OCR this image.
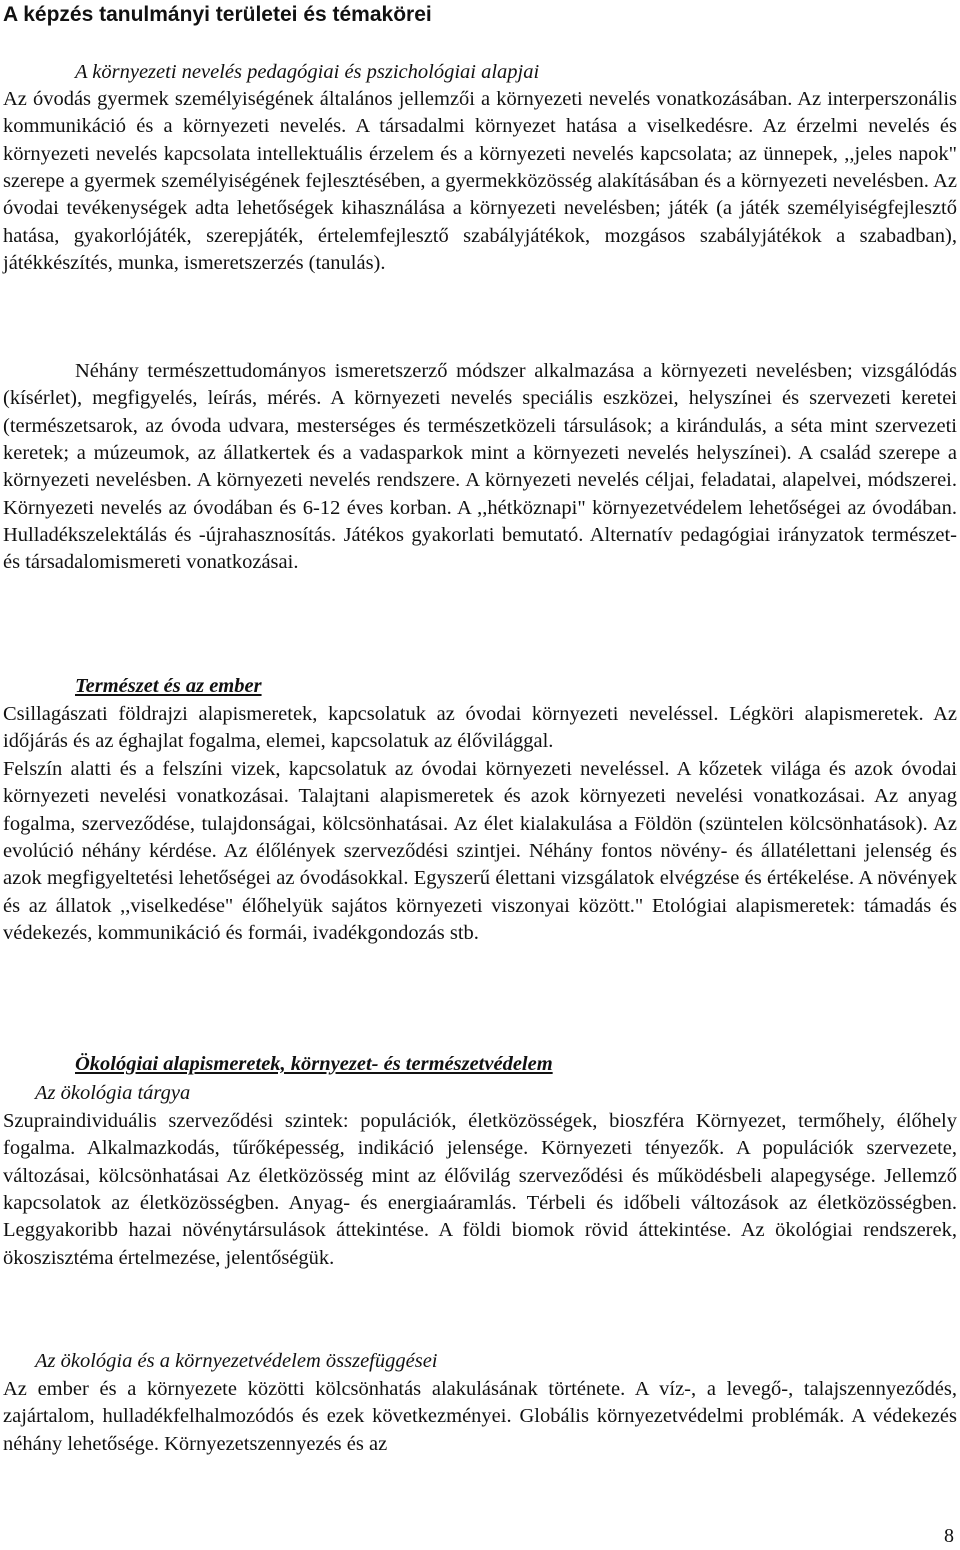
A képzés tanulmányi területei és témakörei
A környezeti nevelés pedagógiai és pszichológiai alapjai

Az óvodás gyermek személyiségének általános jellemzői a környezeti nevelés vonatkozásában. Az interperszonális kommunikáció és a környezeti nevelés. A társadalmi környezet hatása a viselkedésre. Az érzelmi nevelés és környezeti nevelés kapcsolata intellektuális érzelem és a környezeti nevelés kapcsolata; az ünnepek, ,,jeles napok" szerepe a gyermek személyiségének fejlesztésében, a gyermekközösség alakításában és a környezeti nevelésben. Az óvodai tevékenységek adta lehetőségek kihasználása a környezeti nevelésben; játék (a játék személyiségfejlesztő hatása, gyakorlójáték, szerepjáték, értelemfejlesztő szabályjátékok, mozgásos szabályjátékok a szabadban), játékkészítés, munka, ismeretszerzés (tanulás).

Néhány természettudományos ismeretszerző módszer alkalmazása a környezeti nevelésben; vizsgálódás (kísérlet), megfigyelés, leírás, mérés. A környezeti nevelés speciális eszközei, helyszínei és szervezeti keretei (természetsarok, az óvoda udvara, mesterséges és természetközeli társulások; a kirándulás, a séta mint szervezeti keretek; a múzeumok, az állatkertek és a vadasparkok mint a környezeti nevelés helyszínei). A család szerepe a környezeti nevelésben. A környezeti nevelés rendszere. A környezeti nevelés céljai, feladatai, alapelvei, módszerei. Környezeti nevelés az óvodában és 6-12 éves korban. A ,,hétköznapi" környezetvédelem lehetőségei az óvodában. Hulladékszelektálás és -újrahasznosítás. Játékos gyakorlati bemutató. Alternatív pedagógiai irányzatok természet- és társadalomismereti vonatkozásai.

Természet és az ember

Csillagászati földrajzi alapismeretek, kapcsolatuk az óvodai környezeti neveléssel. Légköri alapismeretek. Az időjárás és az éghajlat fogalma, elemei, kapcsolatuk az élővilággal.

Felszín alatti és a felszíni vizek, kapcsolatuk az óvodai környezeti neveléssel. A kőzetek világa és azok óvodai környezeti nevelési vonatkozásai. Talajtani alapismeretek és azok környezeti nevelési vonatkozásai. Az anyag fogalma, szerveződése, tulajdonságai, kölcsönhatásai. Az élet kialakulása a Földön (szüntelen kölcsönhatások). Az evolúció néhány kérdése. Az élőlények szerveződési szintjei. Néhány fontos növény- és állatélettani jelenség és azok megfigyeltetési lehetőségei az óvodásokkal. Egyszerű élettani vizsgálatok elvégzése és értékelése. A növények és az állatok ,,viselkedése" élőhelyük sajátos környezeti viszonyai között." Etológiai alapismeretek: támadás és védekezés, kommunikáció és formái, ivadékgondozás stb.

Ökológiai alapismeretek, környezet- és természetvédelem
Az ökológia tárgya

Szupraindividuális szerveződési szintek: populációk, életközösségek, bioszféra Környezet, termőhely, élőhely fogalma. Alkalmazkodás, tűrőképesség, indikáció jelensége. Környezeti tényezők. A populációk szervezete, változásai, kölcsönhatásai Az életközösség mint az élővilág szerveződési és működésbeli alapegysége. Jellemző kapcsolatok az életközösségben. Anyag- és energiaáramlás. Térbeli és időbeli változások az életközösségben. Leggyakoribb hazai növénytársulások áttekintése. A földi biomok rövid áttekintése. Az ökológiai rendszerek, ökoszisztéma értelmezése, jelentőségük.

Az ökológia és a környezetvédelem összefüggései

Az ember és a környezete közötti kölcsönhatás alakulásának története. A víz-, a levegő-, talajszennyeződés, zajártalom, hulladékfelhalmozódós és ezek következményei. Globális környezetvédelmi problémák. A védekezés néhány lehetősége. Környezetszennyezés és az

8
